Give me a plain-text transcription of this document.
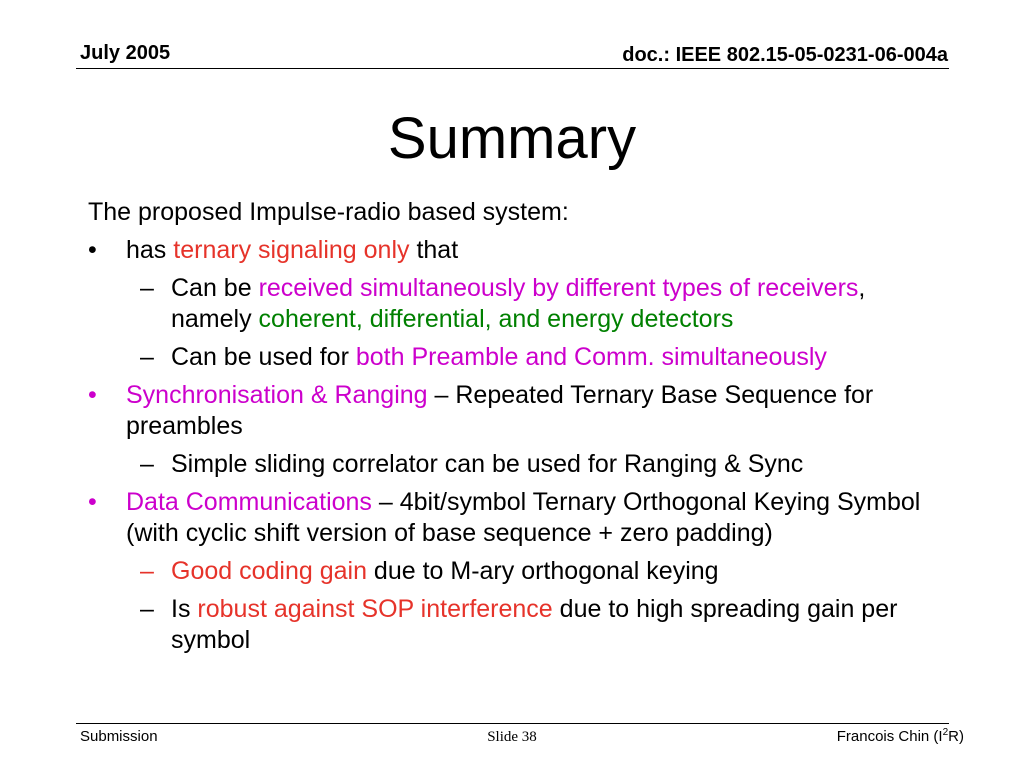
July 2005	doc.: IEEE 802.15-05-0231-06-004a
Summary

The proposed Impulse-radio based system:

• has ternary signaling only that
– Can be received simultaneously by different types of receivers, namely coherent, differential, and energy detectors
– Can be used for both Preamble and Comm. simultaneously
• Synchronisation & Ranging – Repeated Ternary Base Sequence for preambles
– Simple sliding correlator can be used for Ranging & Sync
• Data Communications – 4bit/symbol Ternary Orthogonal Keying Symbol (with cyclic shift version of base sequence + zero padding)
– Good coding gain due to M-ary orthogonal keying
– Is robust against SOP interference due to high spreading gain per symbol
Submission	Slide 38	Francois Chin $(I^2R)$
